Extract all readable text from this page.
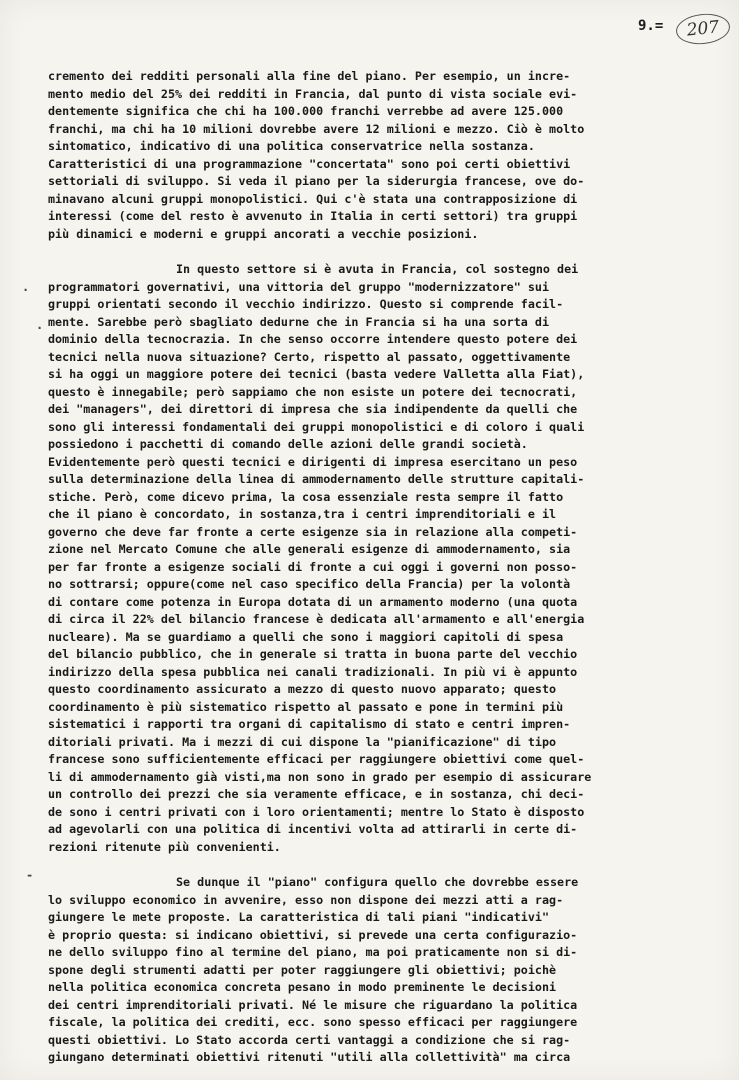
9.=	207
·
.
-
cremento dei redditi personali alla fine del piano. Per esempio, un incre-
mento medio del 25% dei redditi in Francia, dal punto di vista sociale evi-
dentemente significa che chi ha 100.000 franchi verrebbe ad avere 125.000
franchi, ma chi ha 10 milioni dovrebbe avere 12 milioni e mezzo. Ciò è molto
sintomatico, indicativo di una politica conservatrice nella sostanza.
Caratteristici di una programmazione "concertata" sono poi certi obiettivi
settoriali di sviluppo. Si veda il piano per la siderurgia francese, ove do-
minavano alcuni gruppi monopolistici. Qui c'è stata una contrapposizione di
interessi (come del resto è avvenuto in Italia in certi settori) tra gruppi
più dinamici e moderni e gruppi ancorati a vecchie posizioni.
In questo settore si è avuta in Francia, col sostegno dei
programmatori governativi, una vittoria del gruppo "modernizzatore" sui
gruppi orientati secondo il vecchio indirizzo. Questo si comprende facil-
mente. Sarebbe però sbagliato dedurne che in Francia si ha una sorta di
dominio della tecnocrazia. In che senso occorre intendere questo potere dei
tecnici nella nuova situazione? Certo, rispetto al passato, oggettivamente
si ha oggi un maggiore potere dei tecnici (basta vedere Valletta alla Fiat),
questo è innegabile; però sappiamo che non esiste un potere dei tecnocrati,
dei "managers", dei direttori di impresa che sia indipendente da quelli che
sono gli interessi fondamentali dei gruppi monopolistici e di coloro i quali
possiedono i pacchetti di comando delle azioni delle grandi società.
Evidentemente però questi tecnici e dirigenti di impresa esercitano un peso
sulla determinazione della linea di ammodernamento delle strutture capitali-
stiche. Però, come dicevo prima, la cosa essenziale resta sempre il fatto
che il piano è concordato, in sostanza,tra i centri imprenditoriali e il
governo che deve far fronte a certe esigenze sia in relazione alla competi-
zione nel Mercato Comune che alle generali esigenze di ammodernamento, sia
per far fronte a esigenze sociali di fronte a cui oggi i governi non posso-
no sottrarsi; oppure(come nel caso specifico della Francia) per la volontà
di contare come potenza in Europa dotata di un armamento moderno (una quota
di circa il 22% del bilancio francese è dedicata all'armamento e all'energia
nucleare). Ma se guardiamo a quelli che sono i maggiori capitoli di spesa
del bilancio pubblico, che in generale si tratta in buona parte del vecchio
indirizzo della spesa pubblica nei canali tradizionali. In più vi è appunto
questo coordinamento assicurato a mezzo di questo nuovo apparato; questo
coordinamento è più sistematico rispetto al passato e pone in termini più
sistematici i rapporti tra organi di capitalismo di stato e centri impren-
ditoriali privati. Ma i mezzi di cui dispone la "pianificazione" di tipo
francese sono sufficientemente efficaci per raggiungere obiettivi come quel-
li di ammodernamento già visti,ma non sono in grado per esempio di assicurare
un controllo dei prezzi che sia veramente efficace, e in sostanza, chi deci-
de sono i centri privati con i loro orientamenti; mentre lo Stato è disposto
ad agevolarli con una politica di incentivi volta ad attirarli in certe di-
rezioni ritenute più convenienti.
Se dunque il "piano" configura quello che dovrebbe essere
lo sviluppo economico in avvenire, esso non dispone dei mezzi atti a rag-
giungere le mete proposte. La caratteristica di tali piani "indicativi"
è proprio questa: si indicano obiettivi, si prevede una certa configurazio-
ne dello sviluppo fino al termine del piano, ma poi praticamente non si di-
spone degli strumenti adatti per poter raggiungere gli obiettivi; poichè
nella politica economica concreta pesano in modo preminente le decisioni
dei centri imprenditoriali privati. Né le misure che riguardano la politica
fiscale, la politica dei crediti, ecc. sono spesso efficaci per raggiungere
questi obiettivi. Lo Stato accorda certi vantaggi a condizione che si rag-
giungano determinati obiettivi ritenuti "utili alla collettività" ma circa
